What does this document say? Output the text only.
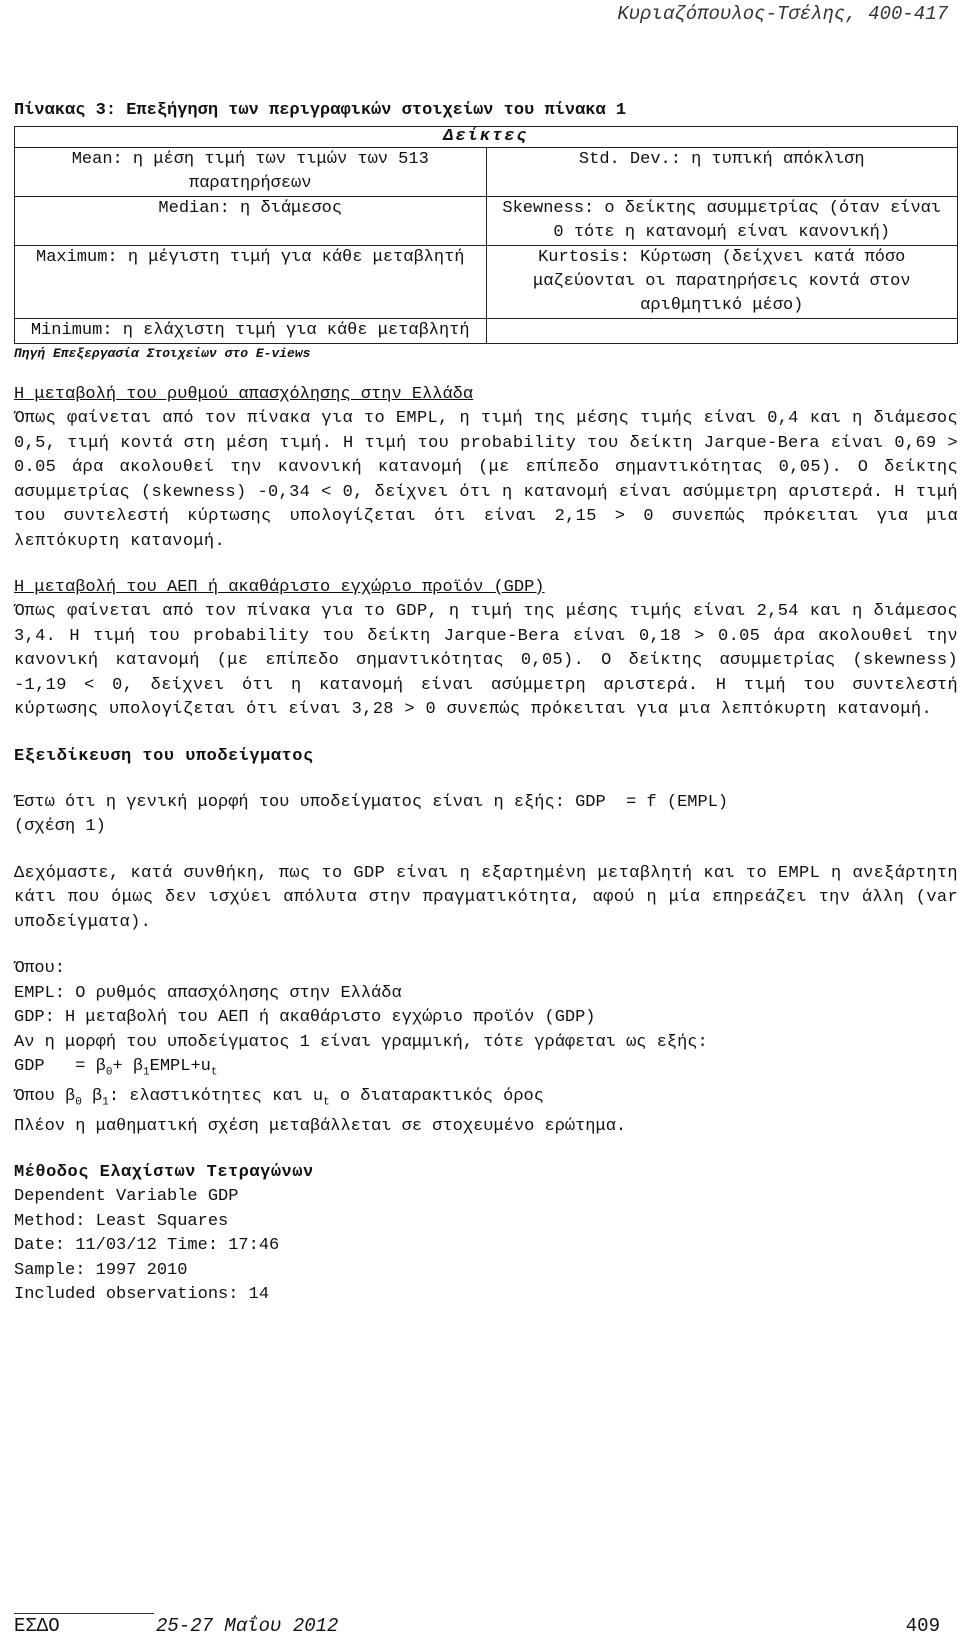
Κυριαζόπουλος-Τσέλης, 400-417
Πίνακας 3: Επεξήγηση των περιγραφικών στοιχείων του πίνακα 1
Δείκτες	
Mean: η μέση τιμή των τιμών των 513 παρατηρήσεων	Std. Dev.: η τυπική απόκλιση
Median: η διάμεσος	Skewness: ο δείκτης ασυμμετρίας (όταν είναι 0 τότε η κατανομή είναι κανονική)
Maximum: η μέγιστη τιμή για κάθε μεταβλητή	Kurtosis: Κύρτωση (δείχνει κατά πόσο μαζεύονται οι παρατηρήσεις κοντά στον αριθμητικό μέσο)
Minimum: η ελάχιστη τιμή για κάθε μεταβλητή	
Πηγή Επεξεργασία Στοιχείων στο E-views
Η μεταβολή του ρυθμού απασχόλησης στην Ελλάδα
Όπως φαίνεται από τον πίνακα για το EMPL, η τιμή της μέσης τιμής είναι 0,4 και η διάμεσος 0,5, τιμή κοντά στη μέση τιμή. Η τιμή του probability του δείκτη Jarque-Bera είναι 0,69 > 0.05 άρα ακολουθεί την κανονική κατανομή (με επίπεδο σημαντικότητας 0,05). Ο δείκτης ασυμμετρίας (skewness) -0,34 < 0, δείχνει ότι η κατανομή είναι ασύμμετρη αριστερά. Η τιμή του συντελεστή κύρτωσης υπολογίζεται ότι είναι 2,15 > 0 συνεπώς πρόκειται για μια λεπτόκυρτη κατανομή.
Η μεταβολή του ΑΕΠ ή ακαθάριστο εγχώριο προϊόν (GDP)
Όπως φαίνεται από τον πίνακα για το GDP, η τιμή της μέσης τιμής είναι 2,54 και η διάμεσος 3,4. Η τιμή του probability του δείκτη Jarque-Bera είναι 0,18 > 0.05 άρα ακολουθεί την κανονική κατανομή (με επίπεδο σημαντικότητας 0,05). Ο δείκτης ασυμμετρίας (skewness) -1,19 < 0, δείχνει ότι η κατανομή είναι ασύμμετρη αριστερά. Η τιμή του συντελεστή κύρτωσης υπολογίζεται ότι είναι 3,28 > 0 συνεπώς πρόκειται για μια λεπτόκυρτη κατανομή.
Εξειδίκευση του υποδείγματος
Έστω ότι η γενική μορφή του υποδείγματος είναι η εξής: GDP  = f (EMPL)
(σχέση 1)
Δεχόμαστε, κατά συνθήκη, πως το GDP είναι η εξαρτημένη μεταβλητή και το EMPL η ανεξάρτητη κάτι που όμως δεν ισχύει απόλυτα στην πραγματικότητα, αφού η μία επηρεάζει την άλλη (var υποδείγματα).
Όπου:
EMPL: Ο ρυθμός απασχόλησης στην Ελλάδα
GDP: Η μεταβολή του ΑΕΠ ή ακαθάριστο εγχώριο προϊόν (GDP)
Αν η μορφή του υποδείγματος 1 είναι γραμμική, τότε γράφεται ως εξής:
GDP   = $\beta_0+$ $\beta_1EMPL+u_t$
Όπου $\beta_0$ $\beta_1$: ελαστικότητες και $u_t$ ο διαταρακτικός όρος
Πλέον η μαθηματική σχέση μεταβάλλεται σε στοχευμένο ερώτημα.
Μέθοδος Ελαχίστων Τετραγώνων
Dependent Variable GDP
Method: Least Squares
Date: 11/03/12 Time: 17:46
Sample: 1997 2010
Included observations: 14
ΕΣΔΟ	25-27 Μαΐου 2012	409
